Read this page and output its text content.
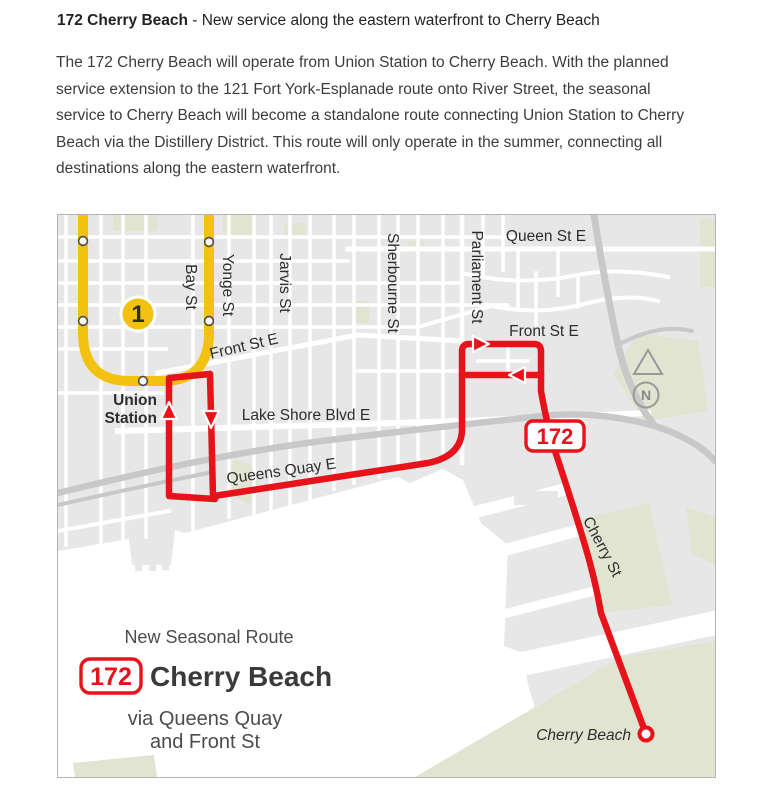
172 Cherry Beach - New service along the eastern waterfront to Cherry Beach

The 172 Cherry Beach will operate from Union Station to Cherry Beach. With the planned service extension to the 121 Fort York-Esplanade route onto River Street, the seasonal service to Cherry Beach will become a standalone route connecting Union Station to Cherry Beach via the Distillery District. This route will only operate in the summer, connecting all destinations along the eastern waterfront.

1
172
N
Bay St Yonge St	Jarvis St	Sherbourne St	Parliament St Queen St E
Front St E	Front St E
Lake Shore Blvd E
Queens Quay E
Union
Station
Cherry St
Cherry Beach
New Seasonal Route
172 Cherry Beach
via Queens Quay
and Front St
